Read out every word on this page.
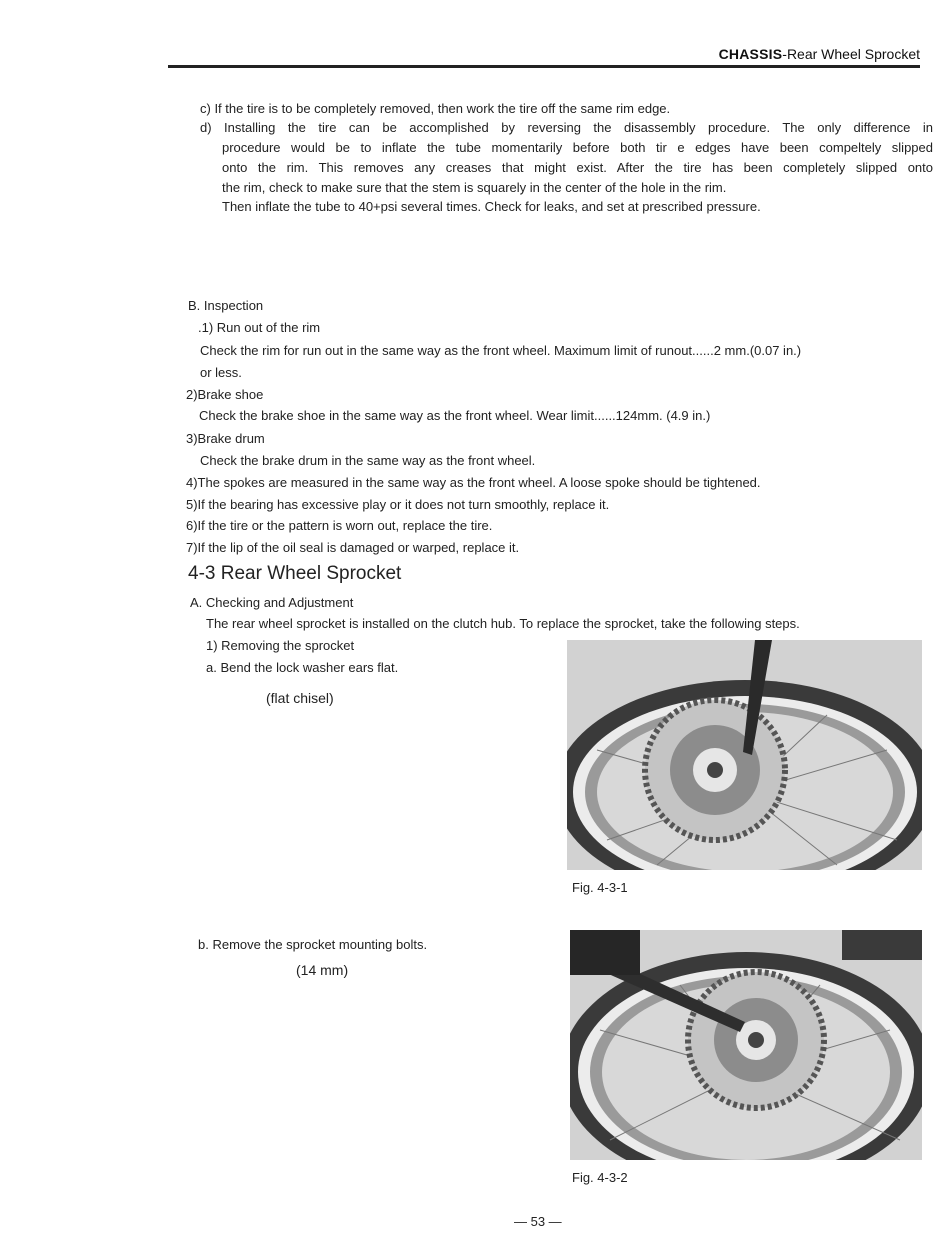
CHASSIS-Rear Wheel Sprocket
c) If the tire is to be completely removed, then work the tire off the same rim edge.
d) Installing the tire can be accomplished by reversing the disassembly procedure. The only difference in
procedure would be to inflate the tube momentarily before both tir e edges have been compeltely slipped
onto the rim. This removes any creases that might exist. After the tire has been completely slipped onto
the rim, check to make sure that the stem is squarely in the center of the hole in the rim.
Then inflate the tube to 40+psi several times. Check for leaks, and set at prescribed pressure.
B. Inspection
.1) Run out of the rim
Check the rim for run out in the same way as the front wheel. Maximum limit of runout......2 mm.(0.07 in.)
or less.
2)Brake shoe
Check the brake shoe in the same way as the front wheel. Wear limit......124mm. (4.9 in.)
3)Brake drum
Check the brake drum in the same way as the front wheel.
4)The spokes are measured in the same way as the front wheel. A loose spoke should be tightened.
5)If the bearing has excessive play or it does not turn smoothly, replace it.
6)If the tire or the pattern is worn out, replace the tire.
7)If the lip of the oil seal is damaged or warped, replace it.
4-3 Rear Wheel Sprocket
A. Checking and Adjustment
The rear wheel sprocket is installed on the clutch hub. To replace the sprocket, take the following steps.
1) Removing the sprocket
a. Bend the lock washer ears flat.
(flat chisel)
b. Remove the sprocket mounting bolts.
(14 mm)
Fig. 4-3-1
Fig. 4-3-2
— 53 —
